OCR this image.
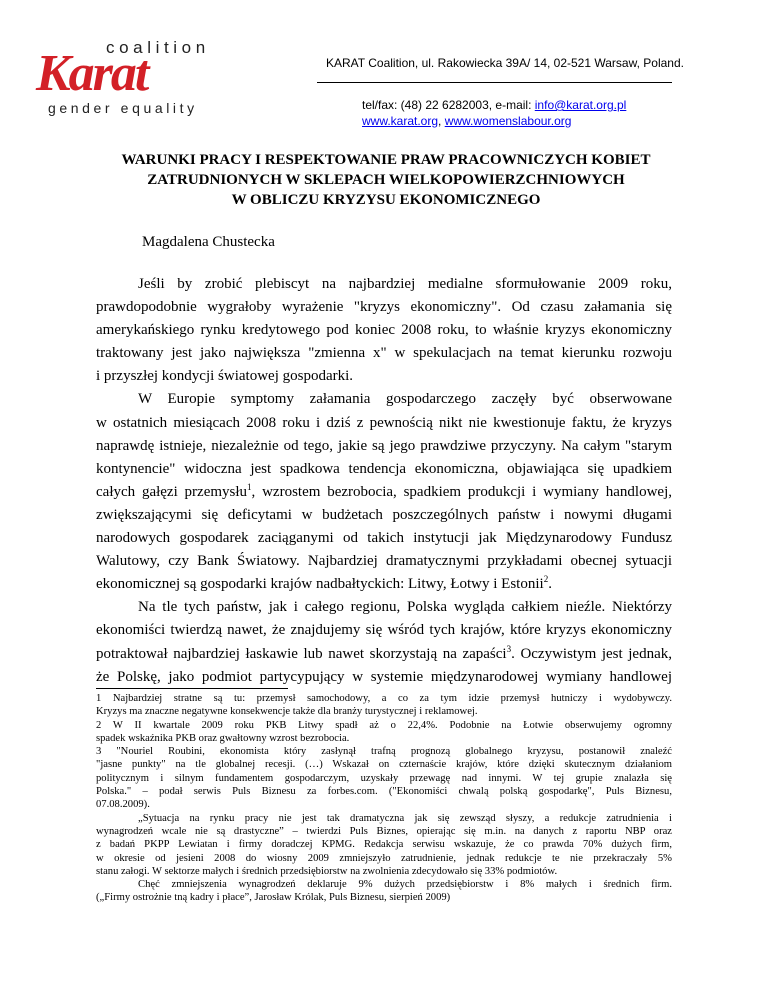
coalition
Karat
gender equality
KARAT Coalition, ul. Rakowiecka 39A/ 14, 02-521 Warsaw, Poland.
tel/fax: (48) 22 6282003, e-mail: info@karat.org.pl
www.karat.org, www.womenslabour.org
WARUNKI PRACY I RESPEKTOWANIE PRAW PRACOWNICZYCH KOBIET
ZATRUDNIONYCH W SKLEPACH WIELKOPOWIERZCHNIOWYCH
W OBLICZU KRYZYSU EKONOMICZNEGO
Magdalena Chustecka
Jeśli by zrobić plebiscyt na najbardziej medialne sformułowanie 2009 roku,
prawdopodobnie wygrałoby wyrażenie "kryzys ekonomiczny". Od czasu załamania się
amerykańskiego rynku kredytowego pod koniec 2008 roku, to właśnie kryzys ekonomiczny
traktowany jest jako największa "zmienna x" w spekulacjach na temat kierunku rozwoju
i przyszłej kondycji światowej gospodarki.
W Europie symptomy załamania gospodarczego zaczęły być obserwowane
w ostatnich miesiącach 2008 roku i dziś z pewnością nikt nie kwestionuje faktu, że kryzys
naprawdę istnieje, niezależnie od tego, jakie są jego prawdziwe przyczyny. Na całym "starym
kontynencie" widoczna jest spadkowa tendencja ekonomiczna, objawiająca się upadkiem
całych gałęzi przemysłu$^1$, wzrostem bezrobocia, spadkiem produkcji i wymiany handlowej,
zwiększającymi się deficytami w budżetach poszczególnych państw i nowymi długami
narodowych gospodarek zaciąganymi od takich instytucji jak Międzynarodowy Fundusz
Walutowy, czy Bank Światowy. Najbardziej dramatycznymi przykładami obecnej sytuacji
ekonomicznej są gospodarki krajów nadbałtyckich: Litwy, Łotwy i Estonii$^2$.
Na tle tych państw, jak i całego regionu, Polska wygląda całkiem nieźle. Niektórzy
ekonomiści twierdzą nawet, że znajdujemy się wśród tych krajów, które kryzys ekonomiczny
potraktował najbardziej łaskawie lub nawet skorzystają na zapaści$^3$. Oczywistym jest jednak,
że Polskę, jako podmiot partycypujący w systemie międzynarodowej wymiany handlowej
1 Najbardziej stratne są tu: przemysł samochodowy, a co za tym idzie przemysł hutniczy i wydobywczy.
Kryzys ma znaczne negatywne konsekwencje także dla branży turystycznej i reklamowej.
2 W II kwartale 2009 roku PKB Litwy spadł aż o 22,4%. Podobnie na Łotwie obserwujemy ogromny
spadek wskaźnika PKB oraz gwałtowny wzrost bezrobocia.
3 "Nouriel Roubini, ekonomista który zasłynął trafną prognozą globalnego kryzysu, postanowił znaleźć
"jasne punkty" na tle globalnej recesji. (…) Wskazał on czternaście krajów, które dzięki skutecznym działaniom
politycznym i silnym fundamentem gospodarczym, uzyskały przewagę nad innymi. W tej grupie znalazła się
Polska." – podał serwis Puls Biznesu za forbes.com. ("Ekonomiści chwalą polską gospodarkę", Puls Biznesu,
07.08.2009).
„Sytuacja na rynku pracy nie jest tak dramatyczna jak się zewsząd słyszy, a redukcje zatrudnienia i
wynagrodzeń wcale nie są drastyczne” – twierdzi Puls Biznes, opierając się m.in. na danych z raportu NBP oraz
z badań PKPP Lewiatan i firmy doradczej KPMG. Redakcja serwisu wskazuje, że co prawda 70% dużych firm,
w okresie od jesieni 2008 do wiosny 2009 zmniejszyło zatrudnienie, jednak redukcje te nie przekraczały 5%
stanu załogi. W sektorze małych i średnich przedsiębiorstw na zwolnienia zdecydowało się 33% podmiotów.
Chęć zmniejszenia wynagrodzeń deklaruje 9% dużych przedsiębiorstw i 8% małych i średnich firm.
(„Firmy ostrożnie tną kadry i płace”, Jarosław Królak, Puls Biznesu, sierpień 2009)
